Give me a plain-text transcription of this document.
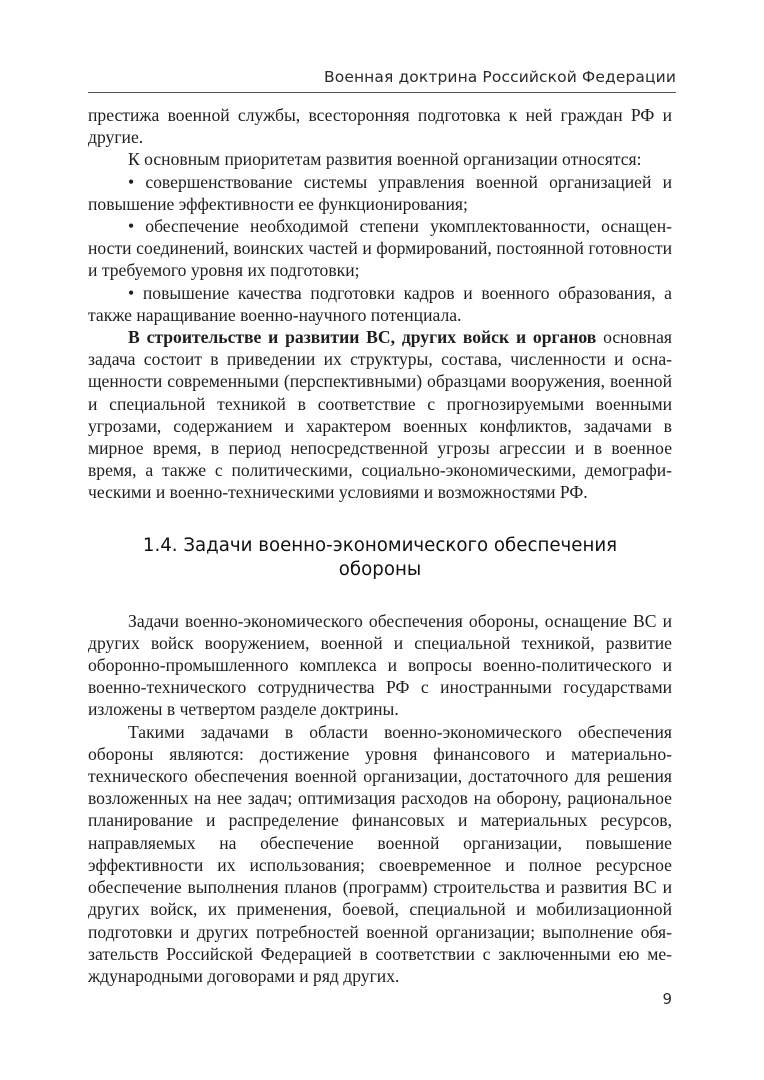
Военная доктрина Российской Федерации

престижа военной службы, всесторонняя подготовка к ней граждан РФ и другие.

К основным приоритетам развития военной организации относятся:

• совершенствование системы управления военной организацией и повышение эффективности ее функционирования;

• обеспечение необходимой степени укомплектованности, оснащенности соединений, воинских частей и формирований, постоянной готовности и требуемого уровня их подготовки;

• повышение качества подготовки кадров и военного образования, а также наращивание военно-научного потенциала.

В строительстве и развитии ВС, других войск и органов основная задача состоит в приведении их структуры, состава, численности и оснащенности современными (перспективными) образцами вооружения, военной и специальной техникой в соответствие с прогнозируемыми военными угрозами, содержанием и характером военных конфликтов, задачами в мирное время, в период непосредственной угрозы агрессии и в военное время, а также с политическими, социально-экономическими, демографическими и военно-техническими условиями и возможностями РФ.

1.4. Задачи военно-экономического обеспечения
обороны

Задачи военно-экономического обеспечения обороны, оснащение ВС и других войск вооружением, военной и специальной техникой, развитие оборонно-промышленного комплекса и вопросы военно-политического и военно-технического сотрудничества РФ с иностранными государствами изложены в четвертом разделе доктрины.

Такими задачами в области военно-экономического обеспечения обороны являются: достижение уровня финансового и материально-технического обеспечения военной организации, достаточного для решения возложенных на нее задач; оптимизация расходов на оборону, рациональное планирование и распределение финансовых и материальных ресурсов, направляемых на обеспечение военной организации, повышение эффективности их использования; своевременное и полное ресурсное обеспечение выполнения планов (программ) строительства и развития ВС и других войск, их применения, боевой, специальной и мобилизационной подготовки и других потребностей военной организации; выполнение обязательств Российской Федерацией в соответствии с заключенными ею международными договорами и ряд других.

9
